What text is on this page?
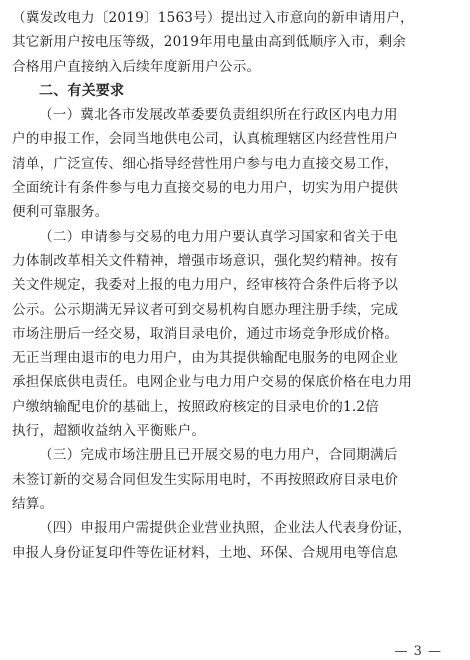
（冀发改电力〔2019〕1563号）提出过入市意向的新申请用户，
其它新用户按电压等级，2019年用电量由高到低顺序入市，剩余
合格用户直接纳入后续年度新用户公示。
二、有关要求
（一）冀北各市发展改革委要负责组织所在行政区内电力用
户的申报工作，会同当地供电公司，认真梳理辖区内经营性用户
清单，广泛宣传、细心指导经营性用户参与电力直接交易工作，
全面统计有条件参与电力直接交易的电力用户，切实为用户提供
便利可靠服务。
（二）申请参与交易的电力用户要认真学习国家和省关于电
力体制改革相关文件精神，增强市场意识，强化契约精神。按有
关文件规定，我委对上报的电力用户，经审核符合条件后将予以
公示。公示期满无异议者可到交易机构自愿办理注册手续，完成
市场注册后一经交易，取消目录电价，通过市场竞争形成价格。
无正当理由退市的电力用户，由为其提供输配电服务的电网企业
承担保底供电责任。电网企业与电力用户交易的保底价格在电力用
户缴纳输配电价的基础上，按照政府核定的目录电价的1.2倍
执行，超额收益纳入平衡账户。
（三）完成市场注册且已开展交易的电力用户，合同期满后
未签订新的交易合同但发生实际用电时，不再按照政府目录电价
结算。
（四）申报用户需提供企业营业执照，企业法人代表身份证，
申报人身份证复印件等佐证材料，土地、环保、合规用电等信息
— 3 —
